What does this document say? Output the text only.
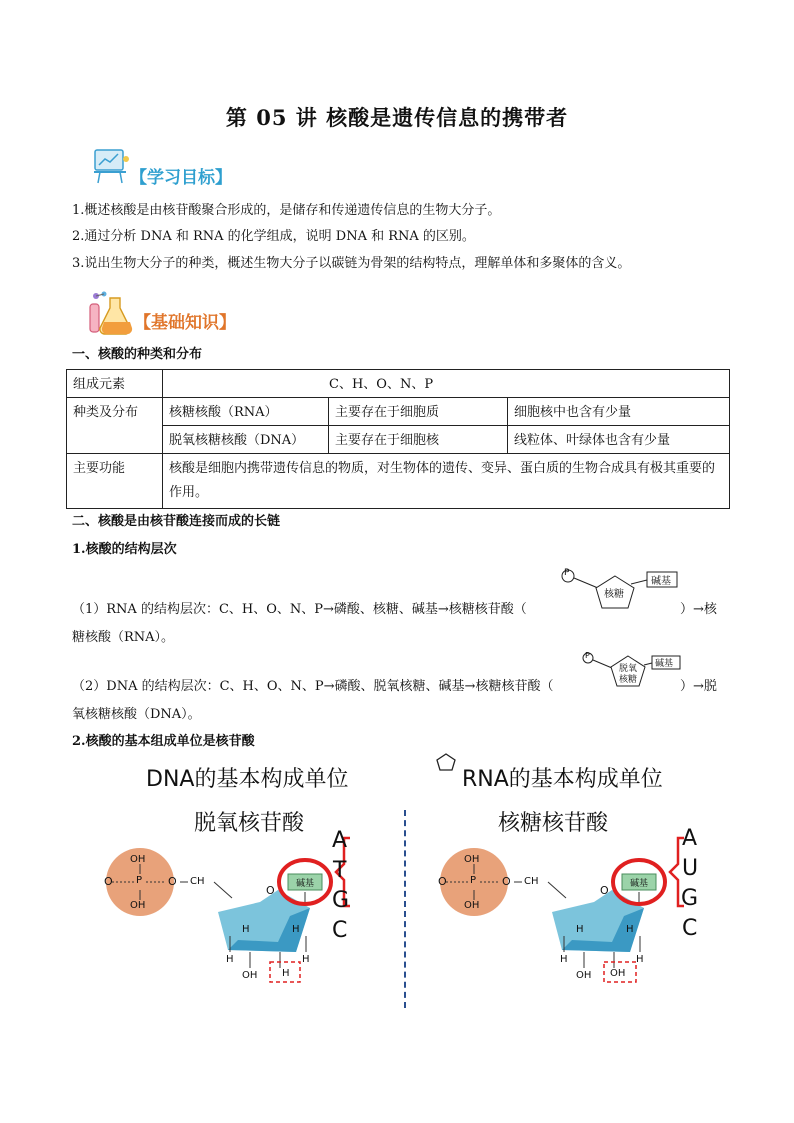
第 05 讲 核酸是遗传信息的携带者
【学习目标】
1.概述核酸是由核苷酸聚合形成的，是储存和传递遗传信息的生物大分子。
2.通过分析 DNA 和 RNA 的化学组成，说明 DNA 和 RNA 的区别。
3.说出生物大分子的种类，概述生物大分子以碳链为骨架的结构特点，理解单体和多聚体的含义。
【基础知识】
一、核酸的种类和分布
组成元素	C、H、O、N、P		
种类及分布	核糖核酸（RNA）	主要存在于细胞质	细胞核中也含有少量
	脱氧核糖核酸（DNA）	主要存在于细胞核	线粒体、叶绿体也含有少量
主要功能	核酸是细胞内携带遗传信息的物质，对生物体的遗传、变异、蛋白质的生物合成具有极其重要的作用。		
二、核酸是由核苷酸连接而成的长链
1.核酸的结构层次
P
核糖
碱基
（1）RNA 的结构层次：C、H、O、N、P→磷酸、核糖、碱基→核糖核苷酸（	）→核
糖核酸（RNA）。
P
脱氧
核糖
碱基
（2）DNA 的结构层次：C、H、O、N、P→磷酸、脱氧核糖、碱基→核糖核苷酸（	）→脱
氧核糖核酸（DNA）。
2.核酸的基本组成单位是核苷酸
DNA的基本构成单位
脱氧核苷酸
RNA的基本构成单位
核糖核苷酸
OH
O P O
OH
CH
O 碱基
H	H
H	H
OH H
A
T
G
C
OH
O P O
OH
CH
O 碱基
H	H
H	H
OH OH
A
U
G
C
